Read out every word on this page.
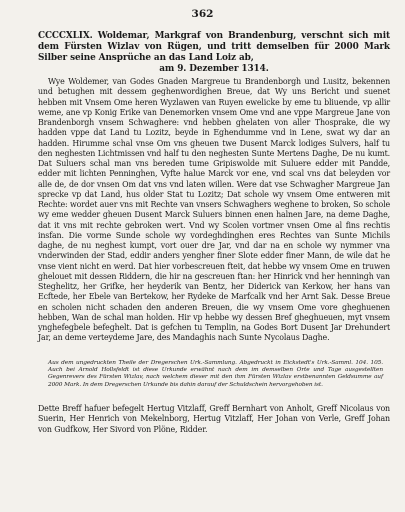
362
CCCCXLIX. Woldemar, Markgraf von Brandenburg, verschnt sich mit dem Fürsten Wizlav von Rügen, und tritt demselben für 2000 Mark Silber seine Ansprüche an das Land Loiz ab,
am 9. Dezember 1314.

Wye Woldemer, van Godes Gnaden Margreue tu Brandenborgh und Lusitz, bekennen und betughen mit dessem geghenwordighen Breue, dat Wy uns Bericht und suenet hebben mit Vnsem Ome heren Wyzlawen van Ruyen ewelicke by eme tu bliuende, vp allir weme, ane vp Konig Erike van Denemorken vnsem Ome vnd ane vppe Margreue Jane von Brandenborgh vnsem Schwaghere: vnd hebben ghelaten von aller Thosprake, die wy hadden vppe dat Land tu Lozitz, beyde in Eghendumme vnd in Lene, swat wy dar an hadden. Hirumme schal vnse Om vns gheuen twe Dusent Marck lodiges Sulvers, half tu den neghesten Lichtmissen vnd half tu den neghesten Sunte Mertens Daghe, De nu kumt. Dat Suluers schal man vns bereden tume Gripiswolde mit Suluere edder mit Pandde, edder mit lichten Penninghen, Vyfte halue Marck vor ene, vnd scal vns dat beleyden vor alle de, de dor vnsen Om dat vns vnd laten willen. Were dat vse Schwagher Margreue Jan sprecke vp dat Land, hus older Stat tu Lozitz; Dat schole wy vnsem Ome entweren mit Rechte: wordet auer vns mit Rechte van vnsers Schwaghers weghene to broken, So schole wy eme wedder gheuen Dusent Marck Suluers binnen enen halnen Jare, na deme Daghe, dat it vns mit rechte gebroken wert. Vnd wy Scolen vortmer vnsen Ome al fins rechtis insfan. Die vorme Sunde schole wy vordeghdinghen eres Rechtes van Sunte Michils daghe, de nu neghest kumpt, vort ouer dre Jar, vnd dar na en schole wy nymmer vna vnderwinden der Stad, eddir anders yengher finer Slote edder finer Mann, de wile dat he vnse vient nicht en werd. Dat hier vorbescreuen fteit, dat hebbe wy vnsem Ome en truwen ghelouet mit dessen Riddern, die hir na gescreuen ftan: her Hinrick vnd her henningh van Steghelitz, her Grifke, her heyderik van Bentz, her Diderick van Kerkow, her hans van Ecftede, her Ebele van Bertekow, her Rydeke de Marfcalk vnd her Arnt Sak. Desse Breue en scholen nicht schaden den anderen Breuen, die wy vnsem Ome vore gheghuenen hebben, Wan de schal man holden. Hir vp hebbe wy dessen Bref gheghueuen, myt vnsem ynghefegbele befeghelt. Dat is gefchen tu Templin, na Godes Bort Dusent Jar Drehundert Jar, an deme verteydeme Jare, des Mandaghis nach Sunte Nycolaus Daghe.

Aus dem ungedruckten Theile der Dregerschen Urk.-Sammlung. Abgedruckt in Eickstedt's Urk.-Samml. 104. 105. Auch bei Arnold Hollsfeldt ist diese Urkunde erwähnt nach dem im demselben Orte und Tage ausgestellten Gegenrevers des Fürsten Wizlav, nach welchem dieser mit den ihm Fürsten Wizlav erstbenannten Geldsumme auf 2000 Mark. In dem Dregerschen Urkunde bis dahin darauf der Schuldschein hervorgehoben ist.

Dette Breff hafuer befegelt Hertug Vitzlaff, Greff Bernhart von Anholt, Greff Nicolaus von Suerin, Her Henrich von Mekelnborg, Hertug Vitzlaff, Her Johan von Verle, Greff Johan von Gudfkow, Her Sivord von Plöne, Ridder.
